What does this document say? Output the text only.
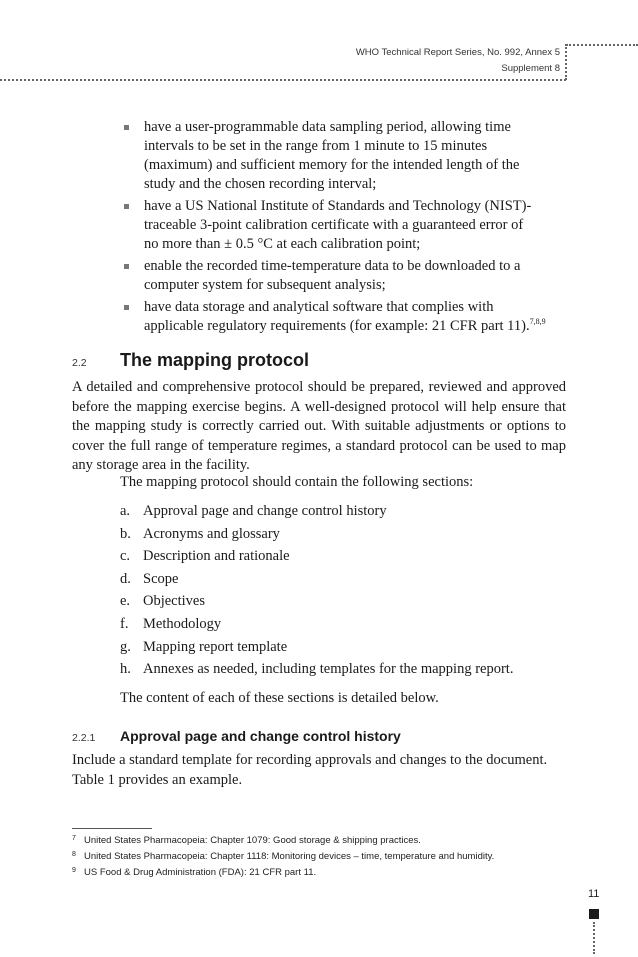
WHO Technical Report Series, No. 992, Annex 5
Supplement 8
have a user-programmable data sampling period, allowing time
intervals to be set in the range from 1 minute to 15 minutes
(maximum) and sufficient memory for the intended length of the
study and the chosen recording interval;
have a US National Institute of Standards and Technology (NIST)-
traceable 3-point calibration certificate with a guaranteed error of
no more than ± 0.5 °C at each calibration point;
enable the recorded time-temperature data to be downloaded to a
computer system for subsequent analysis;
have data storage and analytical software that complies with
applicable regulatory requirements (for example: 21 CFR part 11).$^{7,8,9}$
2.2 The mapping protocol

A detailed and comprehensive protocol should be prepared, reviewed and approved before the mapping exercise begins. A well-designed protocol will help ensure that the mapping study is correctly carried out. With suitable adjustments or options to cover the full range of temperature regimes, a standard protocol can be used to map any storage area in the facility.

The mapping protocol should contain the following sections:

a. Approval page and change control history
b. Acronyms and glossary
c. Description and rationale
d. Scope
e. Objectives
f. Methodology
g. Mapping report template
h. Annexes as needed, including templates for the mapping report.

The content of each of these sections is detailed below.

2.2.1 Approval page and change control history

Include a standard template for recording approvals and changes to the document. Table 1 provides an example.

7 United States Pharmacopeia: Chapter 1079: Good storage & shipping practices.
8 United States Pharmacopeia: Chapter 1118: Monitoring devices – time, temperature and humidity.
9 US Food & Drug Administration (FDA): 21 CFR part 11.
11
